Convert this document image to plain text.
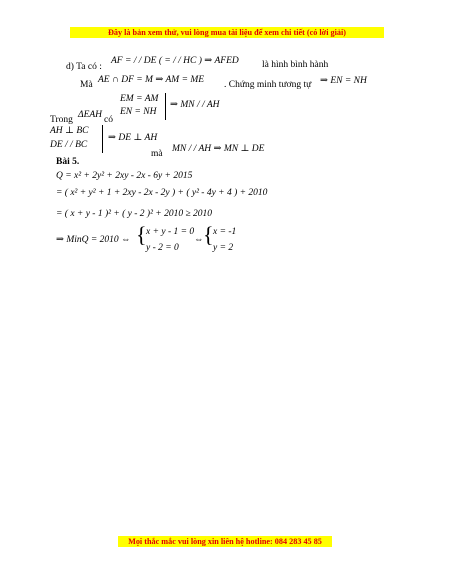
Đây là bản xem thử, vui lòng mua tài liệu để xem chi tiết (có lời giải)
d) Ta có :
AF = / / DE ( = / / HC ) ⇒ AFED là hình bình hành
Mà AE ∩ DF = M ⇒ AM = ME . Chứng minh tương tự ⇒ EN = NH
EM = AM
EN = NH
⇒ MN / / AH
Trong ΔEAH có
AH ⊥ BC
DE / / BC
⇒ DE ⊥ AH
mà MN / / AH ⇒ MN ⊥ DE
Bài 5.
Q = x² + 2y² + 2xy - 2x - 6y + 2015
= ( x² + y² + 1 + 2xy - 2x - 2y ) + ( y² - 4y + 4 ) + 2010
= ( x + y - 1 )² + ( y - 2 )² + 2010 ≥ 2010
⇒ MinQ = 2010 ⇔ { x + y - 1 = 0
y - 2 = 0
⇔ { x = -1
y = 2
Mọi thắc mắc vui lòng xin liên hệ hotline: 084 283 45 85
